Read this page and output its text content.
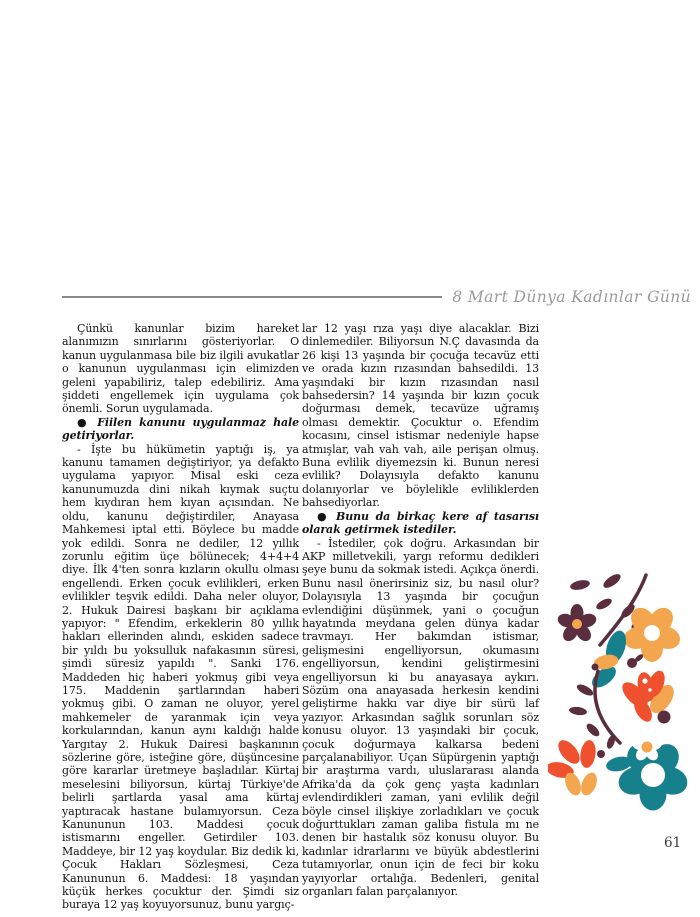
8 Mart Dünya Kadınlar Günü

Çünkü kanunlar bizim hareket alanımızın sınırlarını gösteriyorlar. O kanun uygulanmasa bile biz ilgili avukatlar o kanunun uygulanması için elimizden geleni yapabiliriz, talep edebiliriz. Ama şiddeti engellemek için uygulama çok önemli. Sorun uygulamada.

● Fiilen kanunu uygulanmaz hale getiriyorlar.

- İşte bu hükümetin yaptığı iş, ya kanunu tamamen değiştiriyor, ya defakto uygulama yapıyor. Misal eski ceza kanunumuzda dini nikah kıymak suçtu hem kıydıran hem kıyan açısından. Ne oldu, kanunu değiştirdiler, Anayasa Mahkemesi iptal etti. Böylece bu madde yok edildi. Sonra ne dediler, 12 yıllık zorunlu eğitim üçe bölünecek; 4+4+4 diye. İlk 4'ten sonra kızların okullu olması engellendi. Erken çocuk evlilikleri, erken evlilikler teşvik edildi. Daha neler oluyor, 2. Hukuk Dairesi başkanı bir açıklama yapıyor: " Efendim, erkeklerin 80 yıllık hakları ellerinden alındı, eskiden sadece bir yıldı bu yoksulluk nafakasının süresi, şimdi süresiz yapıldı ". Sanki 176. Maddeden hiç haberi yokmuş gibi veya 175. Maddenin şartlarından haberi yokmuş gibi. O zaman ne oluyor, yerel mahkemeler de yaranmak için veya korkularından, kanun aynı kaldığı halde Yargıtay 2. Hukuk Dairesi başkanının sözlerine göre, isteğine göre, düşüncesine göre kararlar üretmeye başladılar. Kürtaj meselesini biliyorsun, kürtaj Türkiye'de belirli şartlarda yasal ama kürtaj yaptıracak hastane bulamıyorsun. Ceza Kanununun 103. Maddesi çocuk istismarını engeller. Getirdiler 103. Maddeye, bir 12 yaş koydular. Biz dedik ki, Çocuk Hakları Sözleşmesi, Ceza Kanununun 6. Maddesi: 18 yaşından küçük herkes çocuktur der. Şimdi siz buraya 12 yaş koyuyorsunuz, bunu yargıç-

lar 12 yaşı rıza yaşı diye alacaklar. Bizi dinlemediler. Biliyorsun N.Ç davasında da 26 kişi 13 yaşında bir çocuğa tecavüz etti ve orada kızın rızasından bahsedildi. 13 yaşındaki bir kızın rızasından nasıl bahsedersin? 14 yaşında bir kızın çocuk doğurması demek, tecavüze uğramış olması demektir. Çocuktur o. Efendim kocasını, cinsel istismar nedeniyle hapse atmışlar, vah vah vah, aile perişan olmuş. Buna evlilik diyemezsin ki. Bunun neresi evlilik? Dolayısıyla defakto kanunu dolanıyorlar ve böylelikle evliliklerden bahsediyorlar.

● Bunu da birkaç kere af tasarısı olarak getirmek istediler.

- İstediler, çok doğru. Arkasından bir AKP milletvekili, yargı reformu dedikleri şeye bunu da sokmak istedi. Açıkça önerdi. Bunu nasıl önerirsiniz siz, bu nasıl olur? Dolayısıyla 13 yaşında bir çocuğun evlendiğini düşünmek, yani o çocuğun hayatında meydana gelen dünya kadar travmayı. Her bakımdan istismar, gelişmesini engelliyorsun, okumasını engelliyorsun, kendini geliştirmesini engelliyorsun ki bu anayasaya aykırı. Sözüm ona anayasada herkesin kendini geliştirme hakkı var diye bir sürü laf yazıyor. Arkasından sağlık sorunları söz konusu oluyor. 13 yaşındaki bir çocuk, çocuk doğurmaya kalkarsa bedeni parçalanabiliyor. Uçan Süpürgenin yaptığı bir araştırma vardı, uluslararası alanda Afrika'da da çok genç yaşta kadınları evlendirdikleri zaman, yani evlilik değil böyle cinsel ilişkiye zorladıkları ve çocuk doğurttukları zaman galiba fistula mı ne denen bir hastalık söz konusu oluyor. Bu kadınlar idrarlarını ve büyük abdestlerini tutamıyorlar, onun için de feci bir koku yayıyorlar ortalığa. Bedenleri, genital organları falan parçalanıyor.

61
